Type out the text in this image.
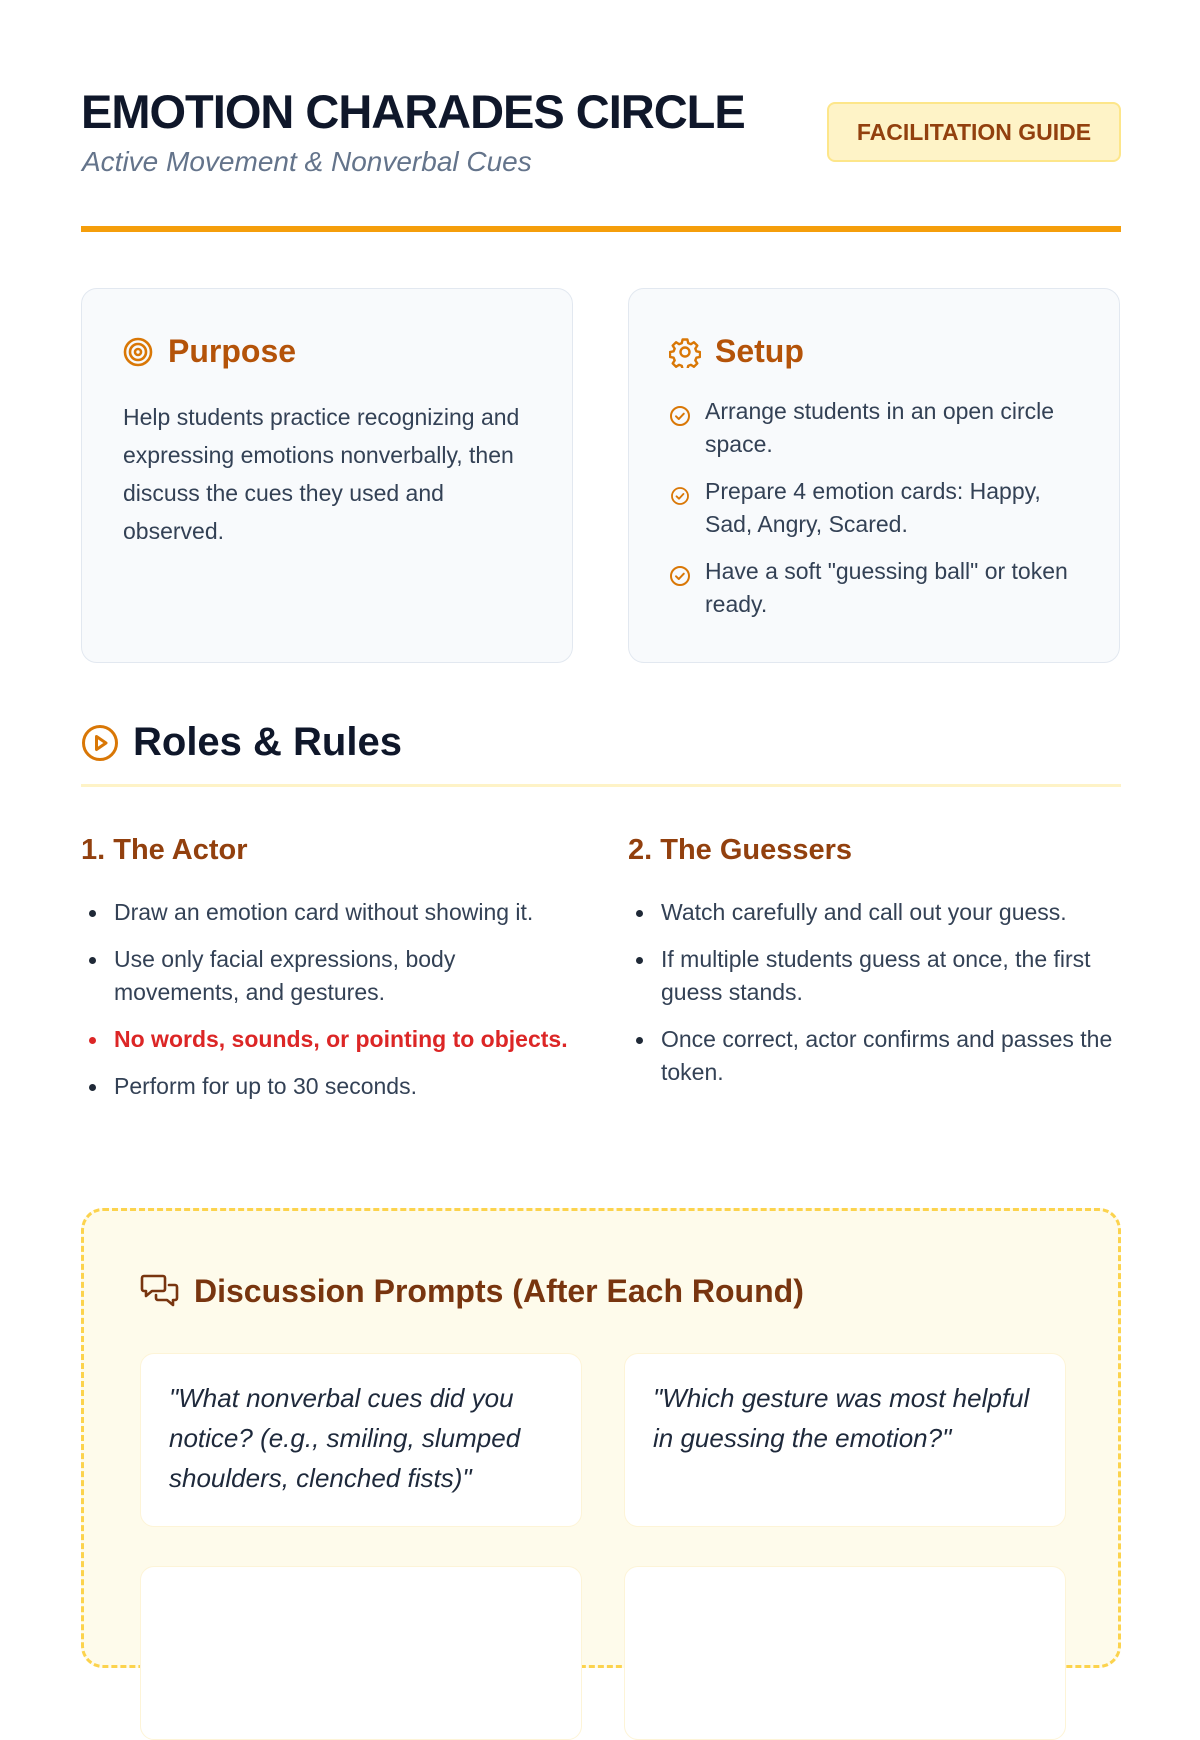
EMOTION CHARADES CIRCLE

Active Movement & Nonverbal Cues

FACILITATION GUIDE
Purpose

Help students practice recognizing and expressing emotions nonverbally, then discuss the cues they used and observed.

Setup
Arrange students in an open circle space.
Prepare 4 emotion cards: Happy, Sad, Angry, Scared.
Have a soft "guessing ball" or token ready.
Roles & Rules
1. The Actor
Draw an emotion card without showing it.
Use only facial expressions, body movements, and gestures.
No words, sounds, or pointing to objects.
Perform for up to 30 seconds.
2. The Guessers
Watch carefully and call out your guess.
If multiple students guess at once, the first guess stands.
Once correct, actor confirms and passes the token.
Discussion Prompts (After Each Round)
"What nonverbal cues did you notice? (e.g., smiling, slumped shoulders, clenched fists)"
"Which gesture was most helpful in guessing the emotion?"
